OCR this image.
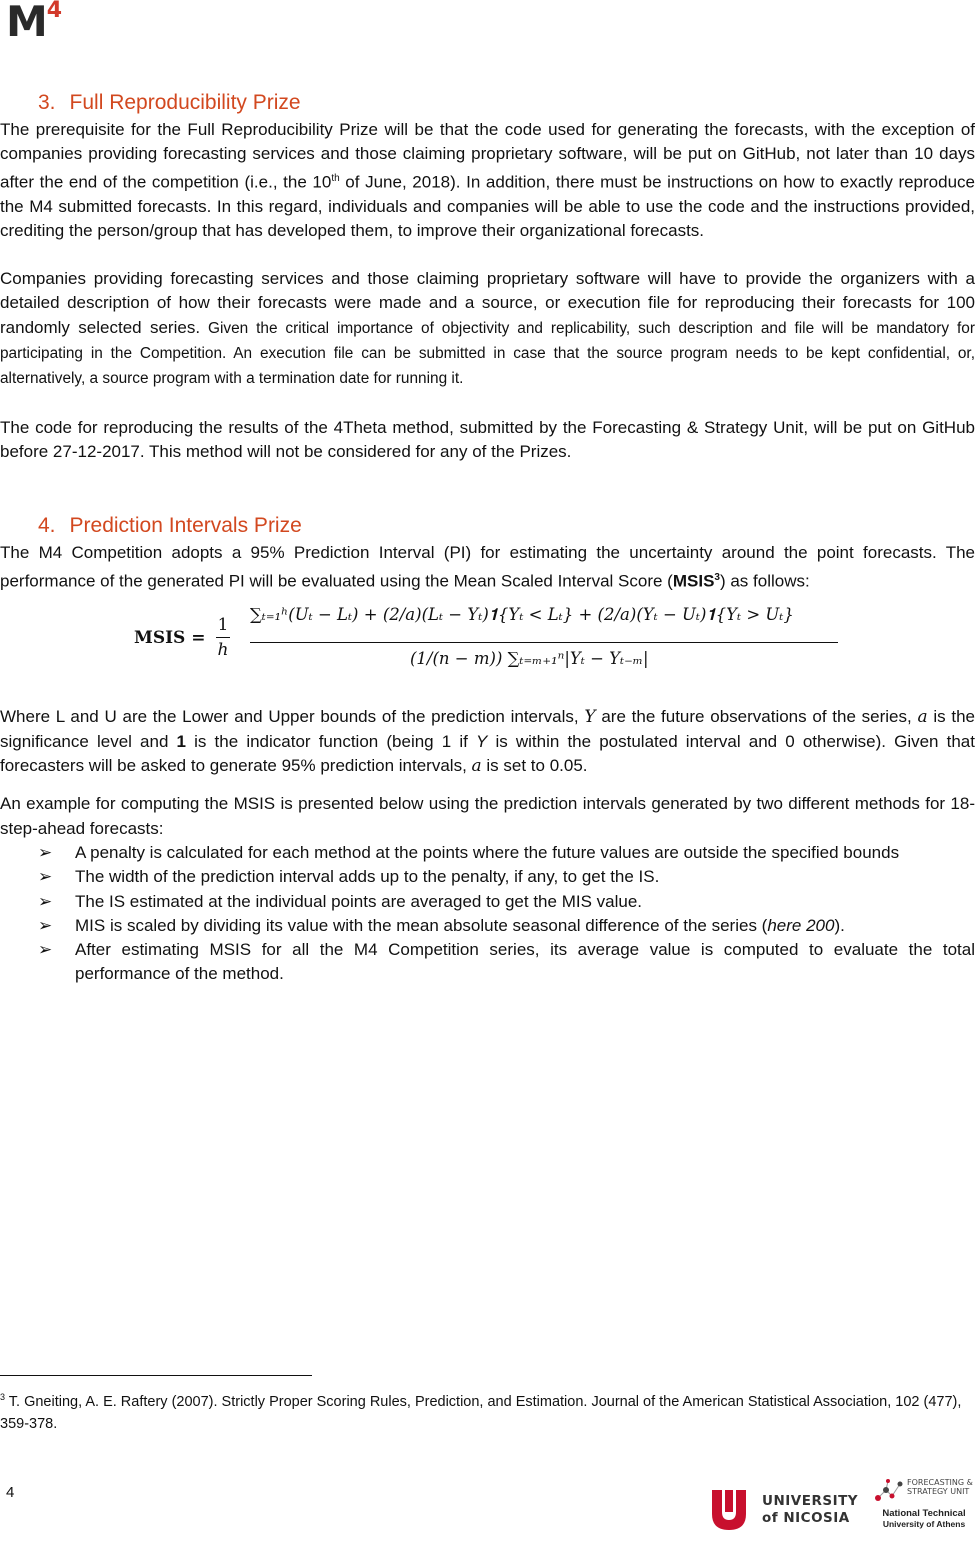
M 4
3. Full Reproducibility Prize

The prerequisite for the Full Reproducibility Prize will be that the code used for generating the forecasts, with the exception of companies providing forecasting services and those claiming proprietary software, will be put on GitHub, not later than 10 days after the end of the competition (i.e., the 10th of June, 2018). In addition, there must be instructions on how to exactly reproduce the M4 submitted forecasts. In this regard, individuals and companies will be able to use the code and the instructions provided, crediting the person/group that has developed them, to improve their organizational forecasts.

Companies providing forecasting services and those claiming proprietary software will have to provide the organizers with a detailed description of how their forecasts were made and a source, or execution file for reproducing their forecasts for 100 randomly selected series. Given the critical importance of objectivity and replicability, such description and file will be mandatory for participating in the Competition. An execution file can be submitted in case that the source program needs to be kept confidential, or, alternatively, a source program with a termination date for running it.

The code for reproducing the results of the 4Theta method, submitted by the Forecasting & Strategy Unit, will be put on GitHub before 27-12-2017. This method will not be considered for any of the Prizes.

4. Prediction Intervals Prize

The M4 Competition adopts a 95% Prediction Interval (PI) for estimating the uncertainty around the point forecasts. The performance of the generated PI will be evaluated using the Mean Scaled Interval Score (MSIS$^3$) as follows:

MSIS =
1
h
∑ₜ₌₁ʰ(Uₜ − Lₜ) + (2/a)(Lₜ − Yₜ)𝟏{Yₜ < Lₜ} + (2/a)(Yₜ − Uₜ)𝟏{Yₜ > Uₜ}
(1/(n − m)) ∑ₜ₌ₘ₊₁ⁿ|Yₜ − Yₜ₋ₘ|

Where L and U are the Lower and Upper bounds of the prediction intervals, Y are the future observations of the series, a is the significance level and 1 is the indicator function (being 1 if Y is within the postulated interval and 0 otherwise). Given that forecasters will be asked to generate 95% prediction intervals, a is set to 0.05.

An example for computing the MSIS is presented below using the prediction intervals generated by two different methods for 18-step-ahead forecasts:

➢ A penalty is calculated for each method at the points where the future values are outside the specified bounds
➢ The width of the prediction interval adds up to the penalty, if any, to get the IS.
➢ The IS estimated at the individual points are averaged to get the MIS value.
➢ MIS is scaled by dividing its value with the mean absolute seasonal difference of the series (here 200).
➢ After estimating MSIS for all the M4 Competition series, its average value is computed to evaluate the total performance of the method.
$^3$ T. Gneiting, A. E. Raftery (2007). Strictly Proper Scoring Rules, Prediction, and Estimation. Journal of the American Statistical Association, 102 (477), 359-378.
4	UNIVERSITY
of NICOSIA
FORECASTING &
STRATEGY UNIT
National Technical
University of Athens
